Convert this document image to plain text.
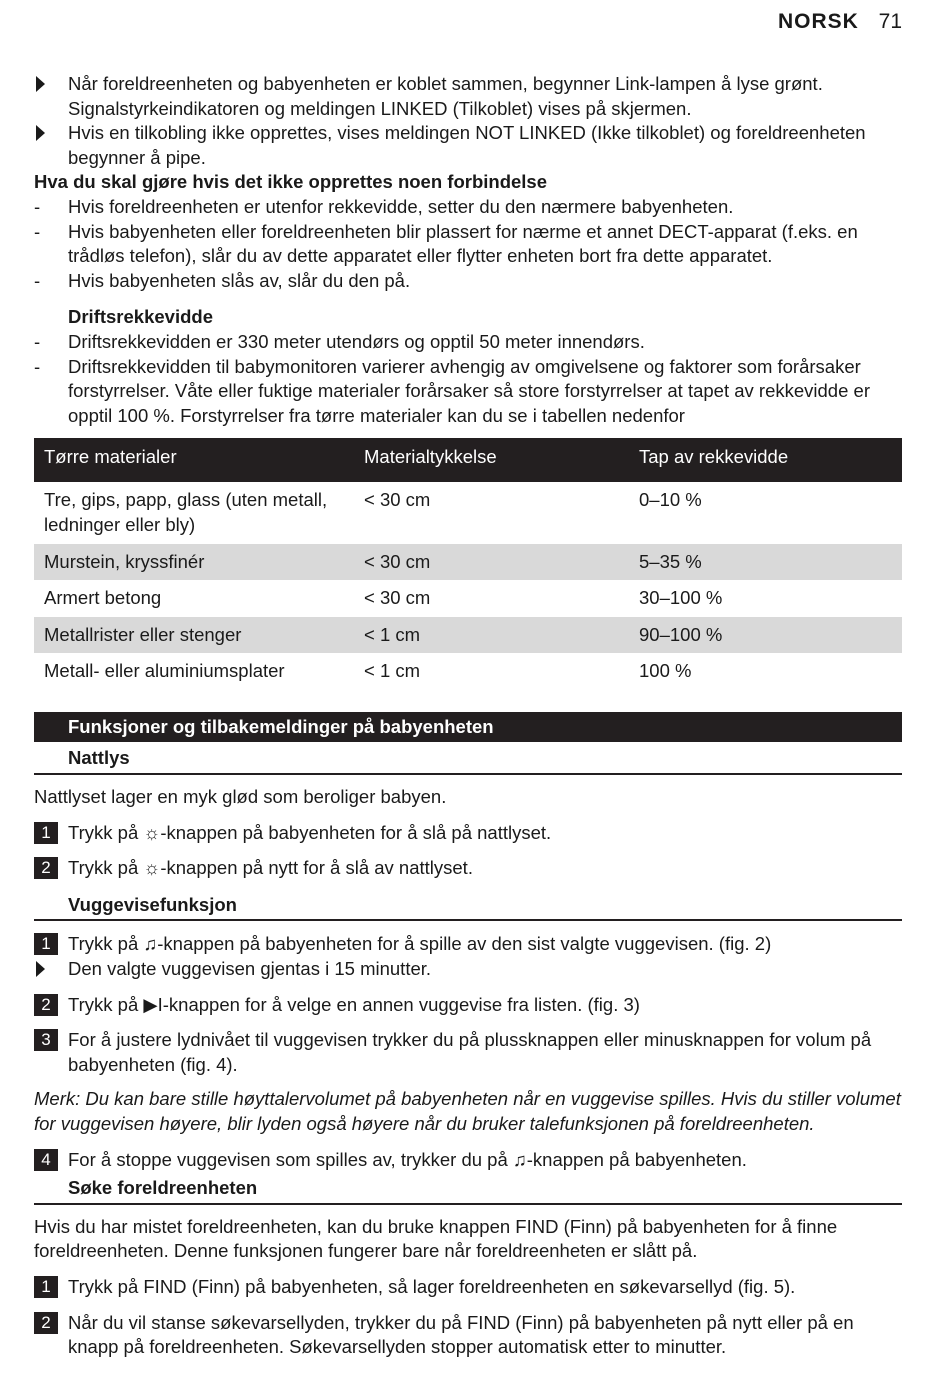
NORSK 71
Når foreldreenheten og babyenheten er koblet sammen, begynner Link-lampen å lyse grønt. Signalstyrkeindikatoren og meldingen LINKED (Tilkoblet) vises på skjermen.
Hvis en tilkobling ikke opprettes, vises meldingen NOT LINKED (Ikke tilkoblet) og foreldreenheten begynner å pipe.
Hva du skal gjøre hvis det ikke opprettes noen forbindelse
-	Hvis foreldreenheten er utenfor rekkevidde, setter du den nærmere babyenheten.
-	Hvis babyenheten eller foreldreenheten blir plassert for nærme et annet DECT-apparat (f.eks. en trådløs telefon), slår du av dette apparatet eller flytter enheten bort fra dette apparatet.
-	Hvis babyenheten slås av, slår du den på.
Driftsrekkevidde
-	Driftsrekkevidden er 330 meter utendørs og opptil 50 meter innendørs.
-	Driftsrekkevidden til babymonitoren varierer avhengig av omgivelsene og faktorer som forårsaker forstyrrelser. Våte eller fuktige materialer forårsaker så store forstyrrelser at tapet av rekkevidde er opptil 100 %. Forstyrrelser fra tørre materialer kan du se i tabellen nedenfor
Tørre materialer	Materialtykkelse	Tap av rekkevidde
Tre, gips, papp, glass (uten metall, ledninger eller bly)	< 30 cm	0–10 %
Murstein, kryssfinér	< 30 cm	5–35 %
Armert betong	< 30 cm	30–100 %
Metallrister eller stenger	< 1 cm	90–100 %
Metall- eller aluminiumsplater	< 1 cm	100 %
Funksjoner og tilbakemeldinger på babyenheten
Nattlys
Nattlyset lager en myk glød som beroliger babyen.
1 Trykk på ☼-knappen på babyenheten for å slå på nattlyset.
2 Trykk på ☼-knappen på nytt for å slå av nattlyset.
Vuggevisefunksjon
1 Trykk på ♫-knappen på babyenheten for å spille av den sist valgte vuggevisen. (fig. 2)
Den valgte vuggevisen gjentas i 15 minutter.
2 Trykk på ▶I-knappen for å velge en annen vuggevise fra listen. (fig. 3)
3 For å justere lydnivået til vuggevisen trykker du på plussknappen eller minusknappen for volum på babyenheten (fig. 4).
Merk: Du kan bare stille høyttalervolumet på babyenheten når en vuggevise spilles. Hvis du stiller volumet for vuggevisen høyere, blir lyden også høyere når du bruker talefunksjonen på foreldreenheten.
4 For å stoppe vuggevisen som spilles av, trykker du på ♫-knappen på babyenheten.
Søke foreldreenheten
Hvis du har mistet foreldreenheten, kan du bruke knappen FIND (Finn) på babyenheten for å finne foreldreenheten. Denne funksjonen fungerer bare når foreldreenheten er slått på.
1 Trykk på FIND (Finn) på babyenheten, så lager foreldreenheten en søkevarsellyd (fig. 5).
2 Når du vil stanse søkevarsellyden, trykker du på FIND (Finn) på babyenheten på nytt eller på en knapp på foreldreenheten. Søkevarsellyden stopper automatisk etter to minutter.
